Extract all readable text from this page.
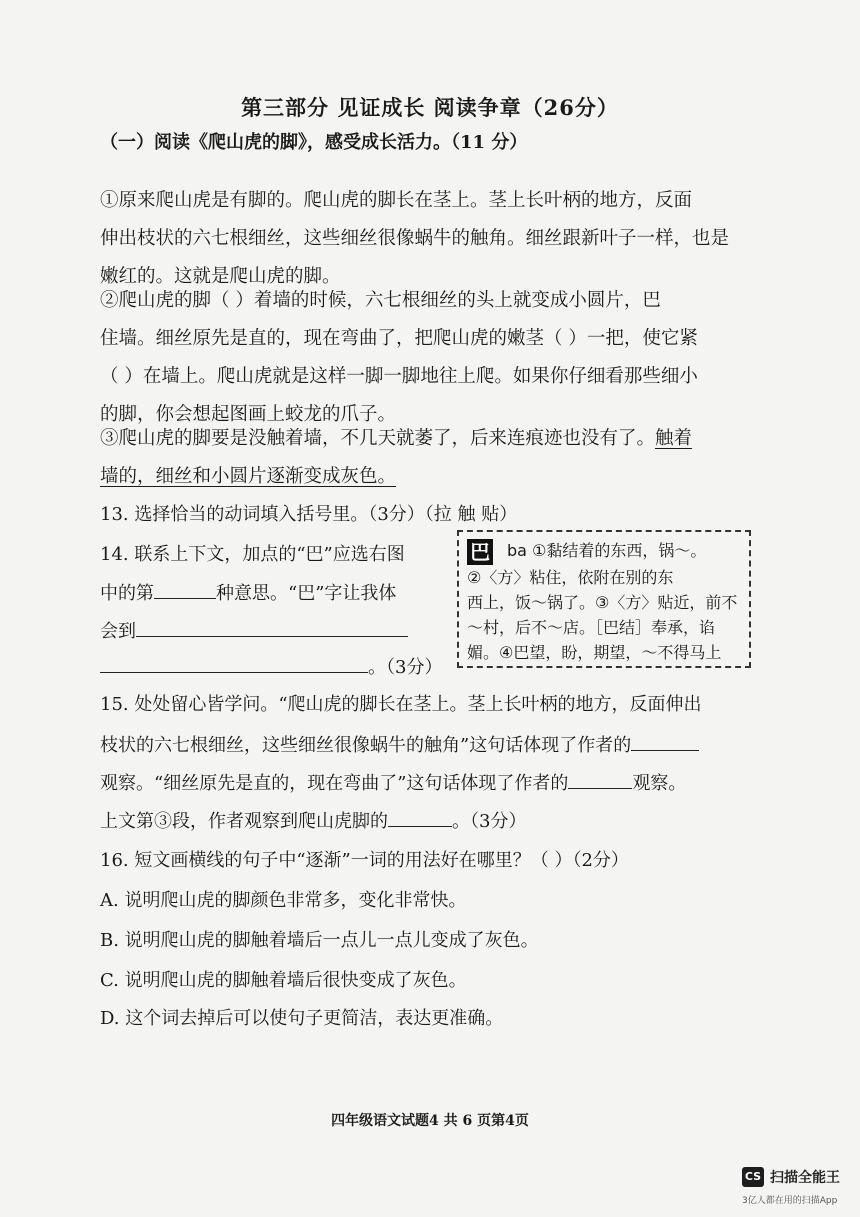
第三部分 见证成长 阅读争章（26分）
（一）阅读《爬山虎的脚》，感受成长活力。（11 分）
①原来爬山虎是有脚的。爬山虎的脚长在茎上。茎上长叶柄的地方，反面
伸出枝状的六七根细丝，这些细丝很像蜗牛的触角。细丝跟新叶子一样，也是
嫩红的。这就是爬山虎的脚。
②爬山虎的脚（ ）着墙的时候，六七根细丝的头上就变成小圆片，巴
住墙。细丝原先是直的，现在弯曲了，把爬山虎的嫩茎（ ）一把，使它紧
（ ）在墙上。爬山虎就是这样一脚一脚地往上爬。如果你仔细看那些细小
的脚，你会想起图画上蛟龙的爪子。
③爬山虎的脚要是没触着墙，不几天就萎了，后来连痕迹也没有了。触着
墙的，细丝和小圆片逐渐变成灰色。
13. 选择恰当的动词填入括号里。（3分）（拉 触 贴）
14. 联系上下文，加点的“巴”应选右图
中的第	种意思。“巴”字让我体
会到
。（3分）
巴 ba ①黏结着的东西，锅～。
②〈方〉粘住，依附在别的东
西上，饭～锅了。③〈方〉贴近，前不
～村，后不～店。［巴结］奉承，谄
媚。④巴望，盼，期望，～不得马上
15. 处处留心皆学问。“爬山虎的脚长在茎上。茎上长叶柄的地方，反面伸出
枝状的六七根细丝，这些细丝很像蜗牛的触角”这句话体现了作者的
观察。“细丝原先是直的，现在弯曲了”这句话体现了作者的	观察。
上文第③段，作者观察到爬山虎脚的	。（3分）
16. 短文画横线的句子中“逐渐”一词的用法好在哪里？（ ）（2分）
A. 说明爬山虎的脚颜色非常多，变化非常快。
B. 说明爬山虎的脚触着墙后一点儿一点儿变成了灰色。
C. 说明爬山虎的脚触着墙后很快变成了灰色。
D. 这个词去掉后可以使句子更简洁，表达更准确。
四年级语文试题4 共 6 页第4页
CS 扫描全能王
3亿人都在用的扫描App
